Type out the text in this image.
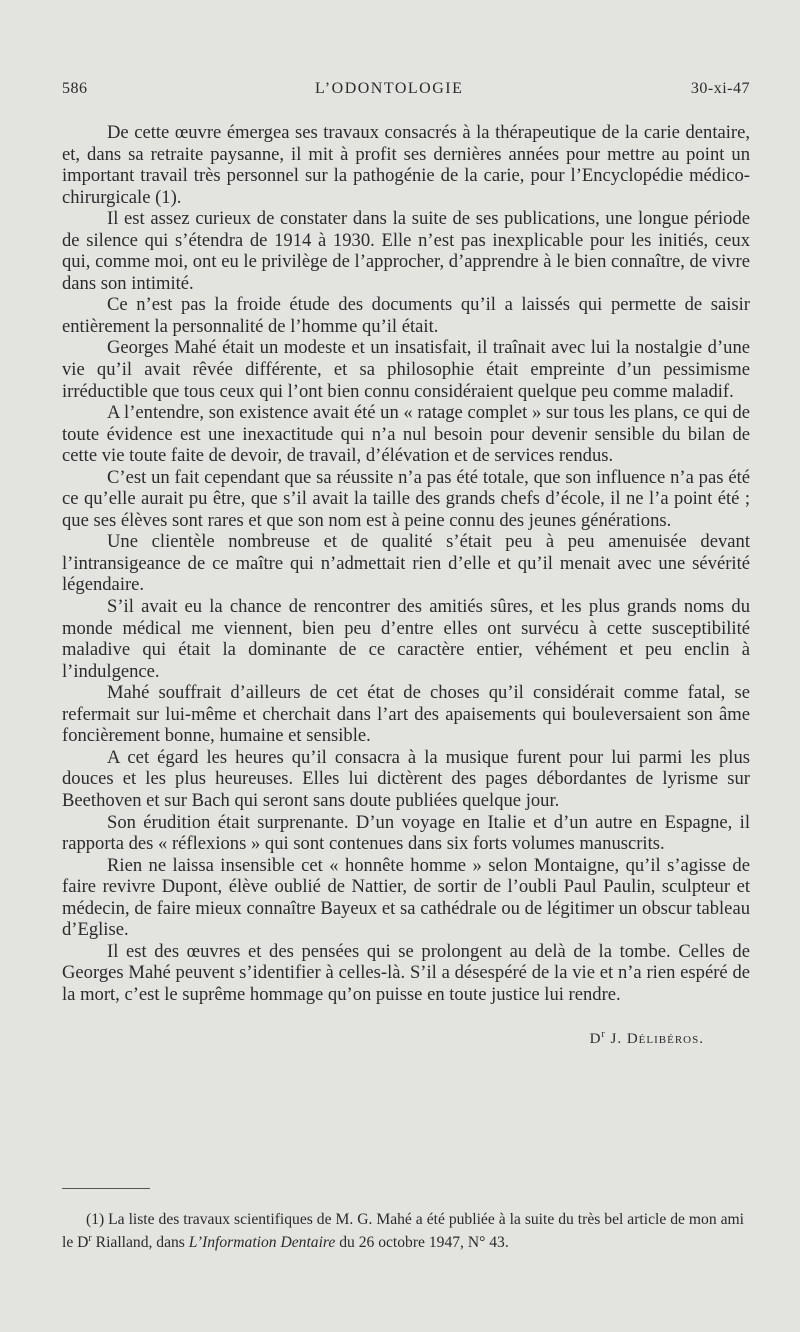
586	L’ODONTOLOGIE	30-xi-47

De cette œuvre émergea ses travaux consacrés à la thérapeutique de la carie dentaire, et, dans sa retraite paysanne, il mit à profit ses dernières années pour mettre au point un important travail très personnel sur la pathogénie de la carie, pour l’Encyclopédie médico-chirurgicale (1).

Il est assez curieux de constater dans la suite de ses publications, une longue période de silence qui s’étendra de 1914 à 1930. Elle n’est pas inexplicable pour les initiés, ceux qui, comme moi, ont eu le privilège de l’approcher, d’apprendre à le bien connaître, de vivre dans son intimité.

Ce n’est pas la froide étude des documents qu’il a laissés qui permette de saisir entièrement la personnalité de l’homme qu’il était.

Georges Mahé était un modeste et un insatisfait, il traînait avec lui la nostalgie d’une vie qu’il avait rêvée différente, et sa philosophie était empreinte d’un pessimisme irréductible que tous ceux qui l’ont bien connu considéraient quelque peu comme maladif.

A l’entendre, son existence avait été un « ratage complet » sur tous les plans, ce qui de toute évidence est une inexactitude qui n’a nul besoin pour devenir sensible du bilan de cette vie toute faite de devoir, de travail, d’élévation et de services rendus.

C’est un fait cependant que sa réussite n’a pas été totale, que son influence n’a pas été ce qu’elle aurait pu être, que s’il avait la taille des grands chefs d’école, il ne l’a point été ; que ses élèves sont rares et que son nom est à peine connu des jeunes générations.

Une clientèle nombreuse et de qualité s’était peu à peu amenuisée devant l’intransigeance de ce maître qui n’admettait rien d’elle et qu’il menait avec une sévérité légendaire.

S’il avait eu la chance de rencontrer des amitiés sûres, et les plus grands noms du monde médical me viennent, bien peu d’entre elles ont survécu à cette susceptibilité maladive qui était la dominante de ce caractère entier, véhément et peu enclin à l’indulgence.

Mahé souffrait d’ailleurs de cet état de choses qu’il considérait comme fatal, se refermait sur lui-même et cherchait dans l’art des apaisements qui bouleversaient son âme foncièrement bonne, humaine et sensible.

A cet égard les heures qu’il consacra à la musique furent pour lui parmi les plus douces et les plus heureuses. Elles lui dictèrent des pages débordantes de lyrisme sur Beethoven et sur Bach qui seront sans doute publiées quelque jour.

Son érudition était surprenante. D’un voyage en Italie et d’un autre en Espagne, il rapporta des « réflexions » qui sont contenues dans six forts volumes manuscrits.

Rien ne laissa insensible cet « honnête homme » selon Montaigne, qu’il s’agisse de faire revivre Dupont, élève oublié de Nattier, de sortir de l’oubli Paul Paulin, sculpteur et médecin, de faire mieux connaître Bayeux et sa cathédrale ou de légitimer un obscur tableau d’Eglise.

Il est des œuvres et des pensées qui se prolongent au delà de la tombe. Celles de Georges Mahé peuvent s’identifier à celles-là. S’il a désespéré de la vie et n’a rien espéré de la mort, c’est le suprême hommage qu’on puisse en toute justice lui rendre.

$D^r$ J. Délibéros.

(1) La liste des travaux scientifiques de M. G. Mahé a été publiée à la suite du très bel article de mon ami le $D^r$ Rialland, dans L’Information Dentaire du 26 octobre 1947, N° 43.
